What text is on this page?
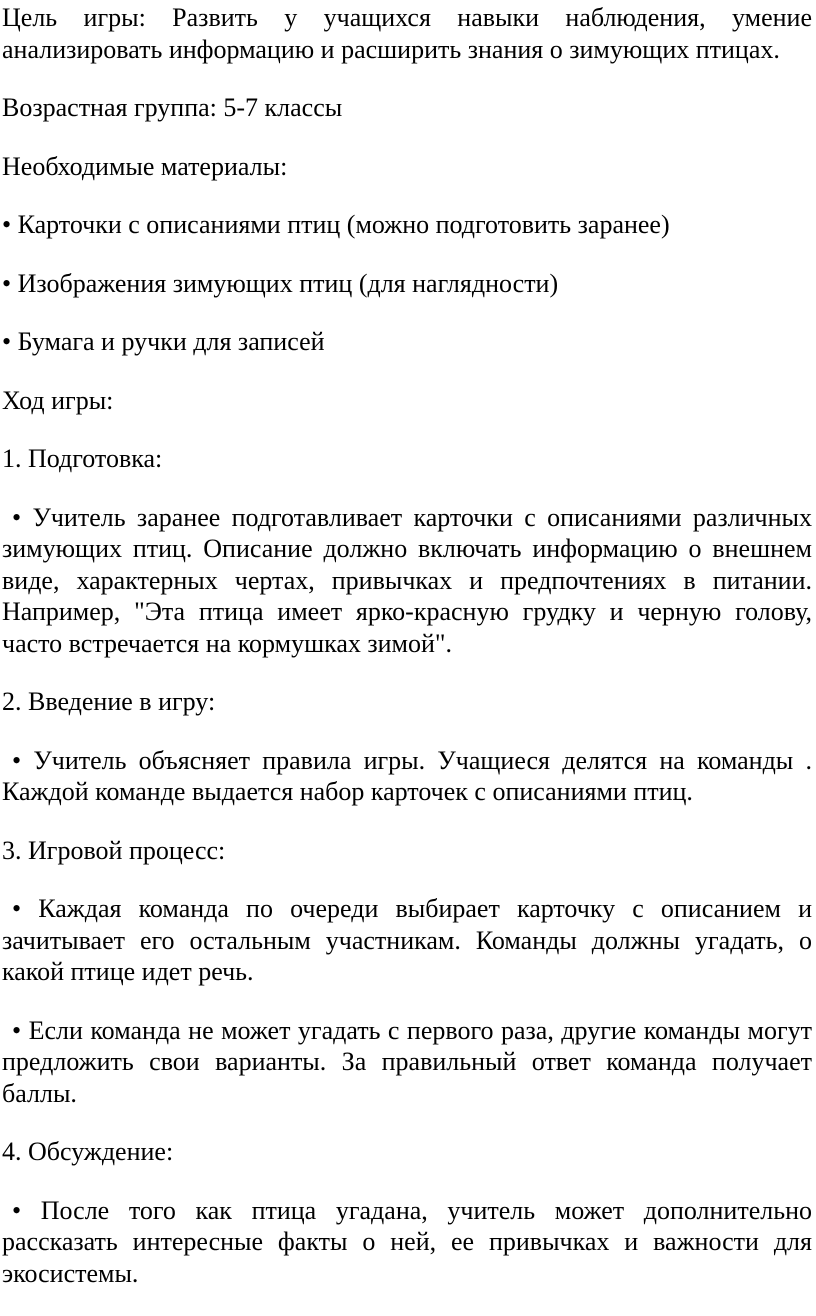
Цель игры: Развить у учащихся навыки наблюдения, умение анализировать информацию и расширить знания о зимующих птицах.

Возрастная группа: 5-7 классы

Необходимые материалы:

• Карточки с описаниями птиц (можно подготовить заранее)

• Изображения зимующих птиц (для наглядности)

• Бумага и ручки для записей

Ход игры:

1. Подготовка:

• Учитель заранее подготавливает карточки с описаниями различных зимующих птиц. Описание должно включать информацию о внешнем виде, характерных чертах, привычках и предпочтениях в питании. Например, "Эта птица имеет ярко-красную грудку и черную голову, часто встречается на кормушках зимой".

2. Введение в игру:

• Учитель объясняет правила игры. Учащиеся делятся на команды . Каждой команде выдается набор карточек с описаниями птиц.

3. Игровой процесс:

• Каждая команда по очереди выбирает карточку с описанием и зачитывает его остальным участникам. Команды должны угадать, о какой птице идет речь.

• Если команда не может угадать с первого раза, другие команды могут предложить свои варианты. За правильный ответ команда получает баллы.

4. Обсуждение:

• После того как птица угадана, учитель может дополнительно рассказать интересные факты о ней, ее привычках и важности для экосистемы.
